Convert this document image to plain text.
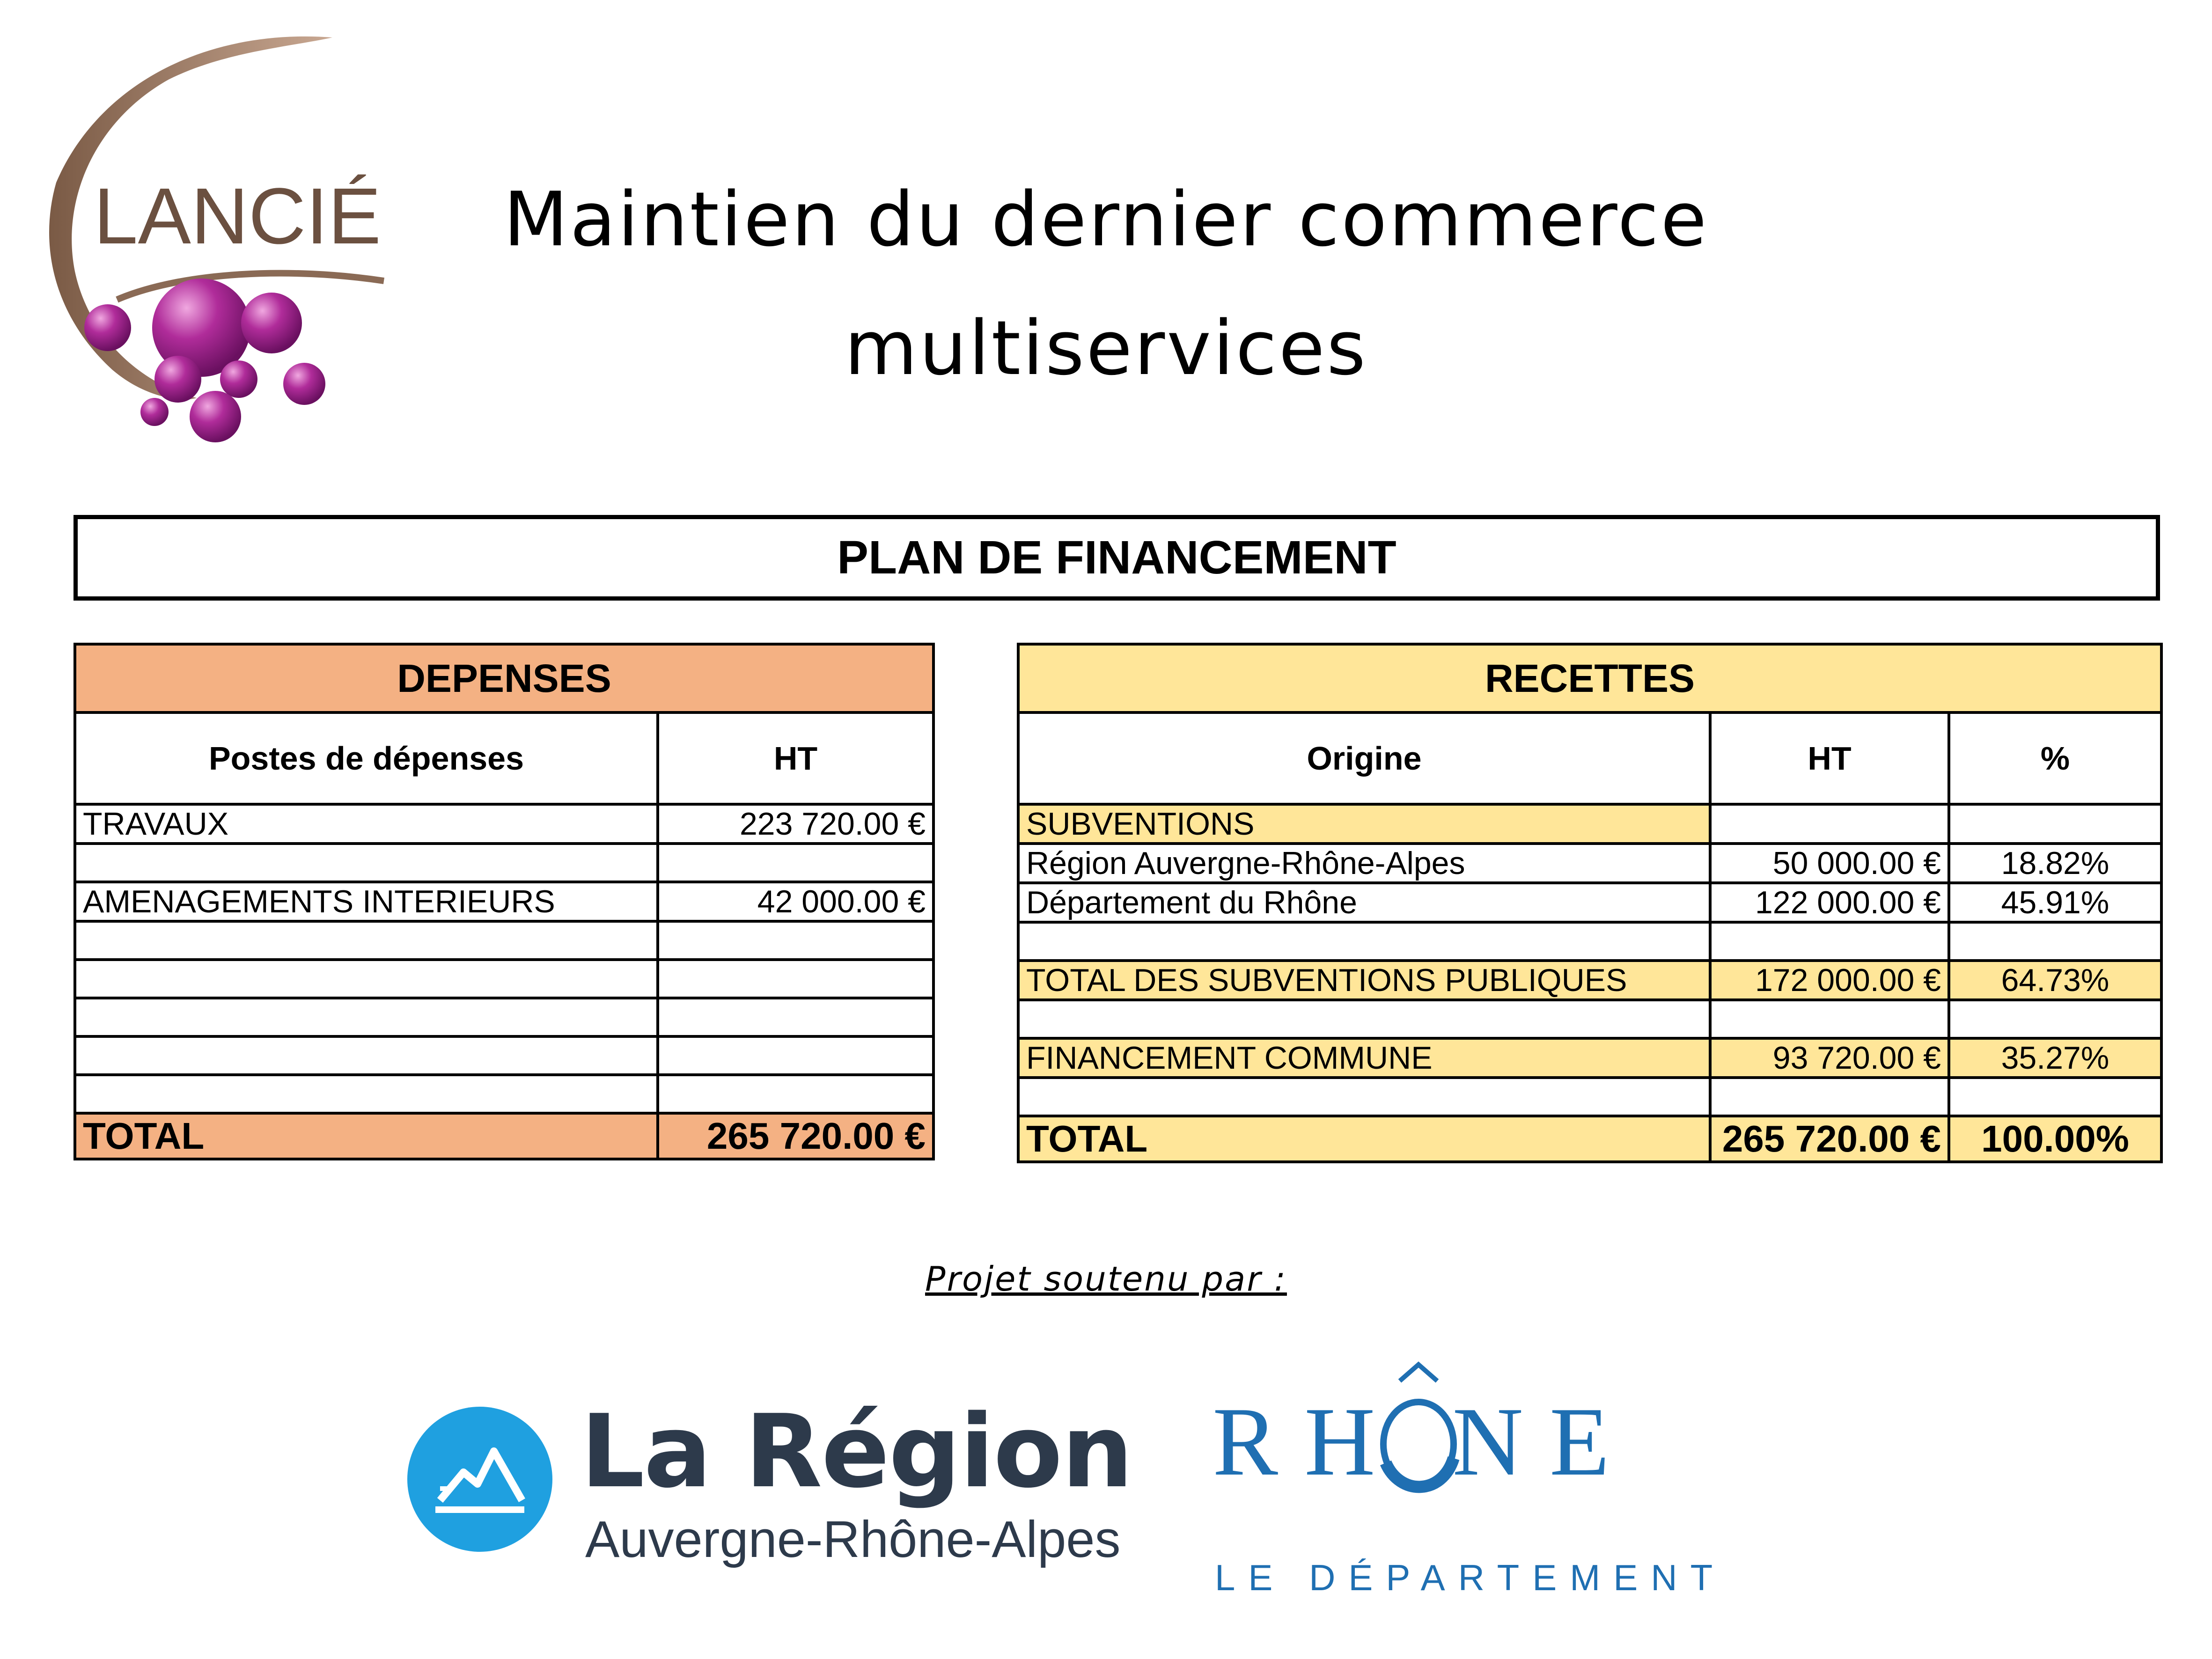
LANCIÉ	Maintien du dernier commerce
multiservices
PLAN DE FINANCEMENT
DEPENSES	
Postes de dépenses	HT
TRAVAUX	223 720.00 €

AMENAGEMENTS INTERIEURS	42 000.00 €

TOTAL	265 720.00 €
RECETTES		
Origine	HT	%
SUBVENTIONS		
Région Auvergne-Rhône-Alpes	50 000.00 €	18.82%
Département du Rhône	122 000.00 €	45.91%

TOTAL DES SUBVENTIONS PUBLIQUES	172 000.00 €	64.73%

FINANCEMENT COMMUNE	93 720.00 €	35.27%

TOTAL	265 720.00 €	100.00%
Projet soutenu par :
La Région
Auvergne-Rhône-Alpes
RH NE
LE DÉPARTEMENT
